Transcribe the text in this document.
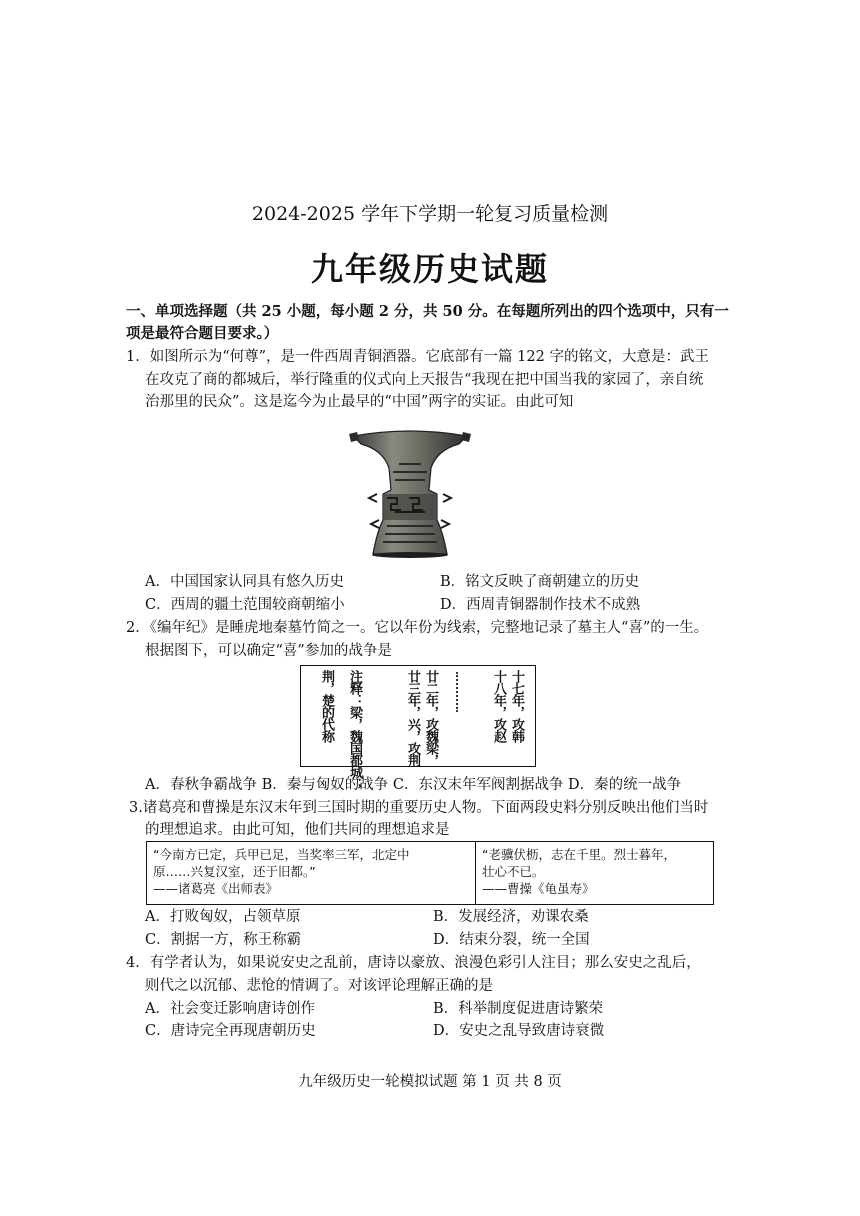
2024-2025 学年下学期一轮复习质量检测
九年级历史试题
一、单项选择题（共 25 小题，每小题 2 分，共 50 分。在每题所列出的四个选项中，只有一
项是最符合题目要求。）
1．如图所示为“何尊”，是一件西周青铜酒器。它底部有一篇 122 字的铭文，大意是：武王
在攻克了商的都城后，举行隆重的仪式向上天报告“我现在把中国当我的家园了，亲自统
治那里的民众”。这是迄今为止最早的“中国”两字的实证。由此可知
A．中国国家认同具有悠久历史	B．铭文反映了商朝建立的历史
C．西周的疆土范围较商朝缩小	D．西周青铜器制作技术不成熟
2．《编年纪》是睡虎地秦墓竹简之一。它以年份为线索，完整地记录了墓主人“喜”的一生。
根据图下，可以确定“喜”参加的战争是
十七年，攻韩
十八年，攻赵
廿二年，攻魏梁，
廿三年，兴，攻荆
注释：梁，魏国都城；
荆，楚的代称
A．春秋争霸战争 B．秦与匈奴的战争 C．东汉末年军阀割据战争 D．秦的统一战争
3.诸葛亮和曹操是东汉末年到三国时期的重要历史人物。下面两段史料分别反映出他们当时
的理想追求。由此可知，他们共同的理想追求是
“今南方已定，兵甲已足，当奖率三军，北定中
原……兴复汉室，还于旧都。”
——诸葛亮《出师表》
“老骥伏枥，志在千里。烈士暮年，
壮心不已。
——曹操《龟虽寿》
A．打败匈奴，占领草原	B．发展经济，劝课农桑
C．割据一方，称王称霸	D．结束分裂，统一全国
4．有学者认为，如果说安史之乱前，唐诗以豪放、浪漫色彩引人注目；那么安史之乱后，
则代之以沉郁、悲怆的情调了。对该评论理解正确的是
A．社会变迁影响唐诗创作	B．科举制度促进唐诗繁荣
C．唐诗完全再现唐朝历史	D．安史之乱导致唐诗衰微
九年级历史一轮模拟试题 第 1 页 共 8 页
